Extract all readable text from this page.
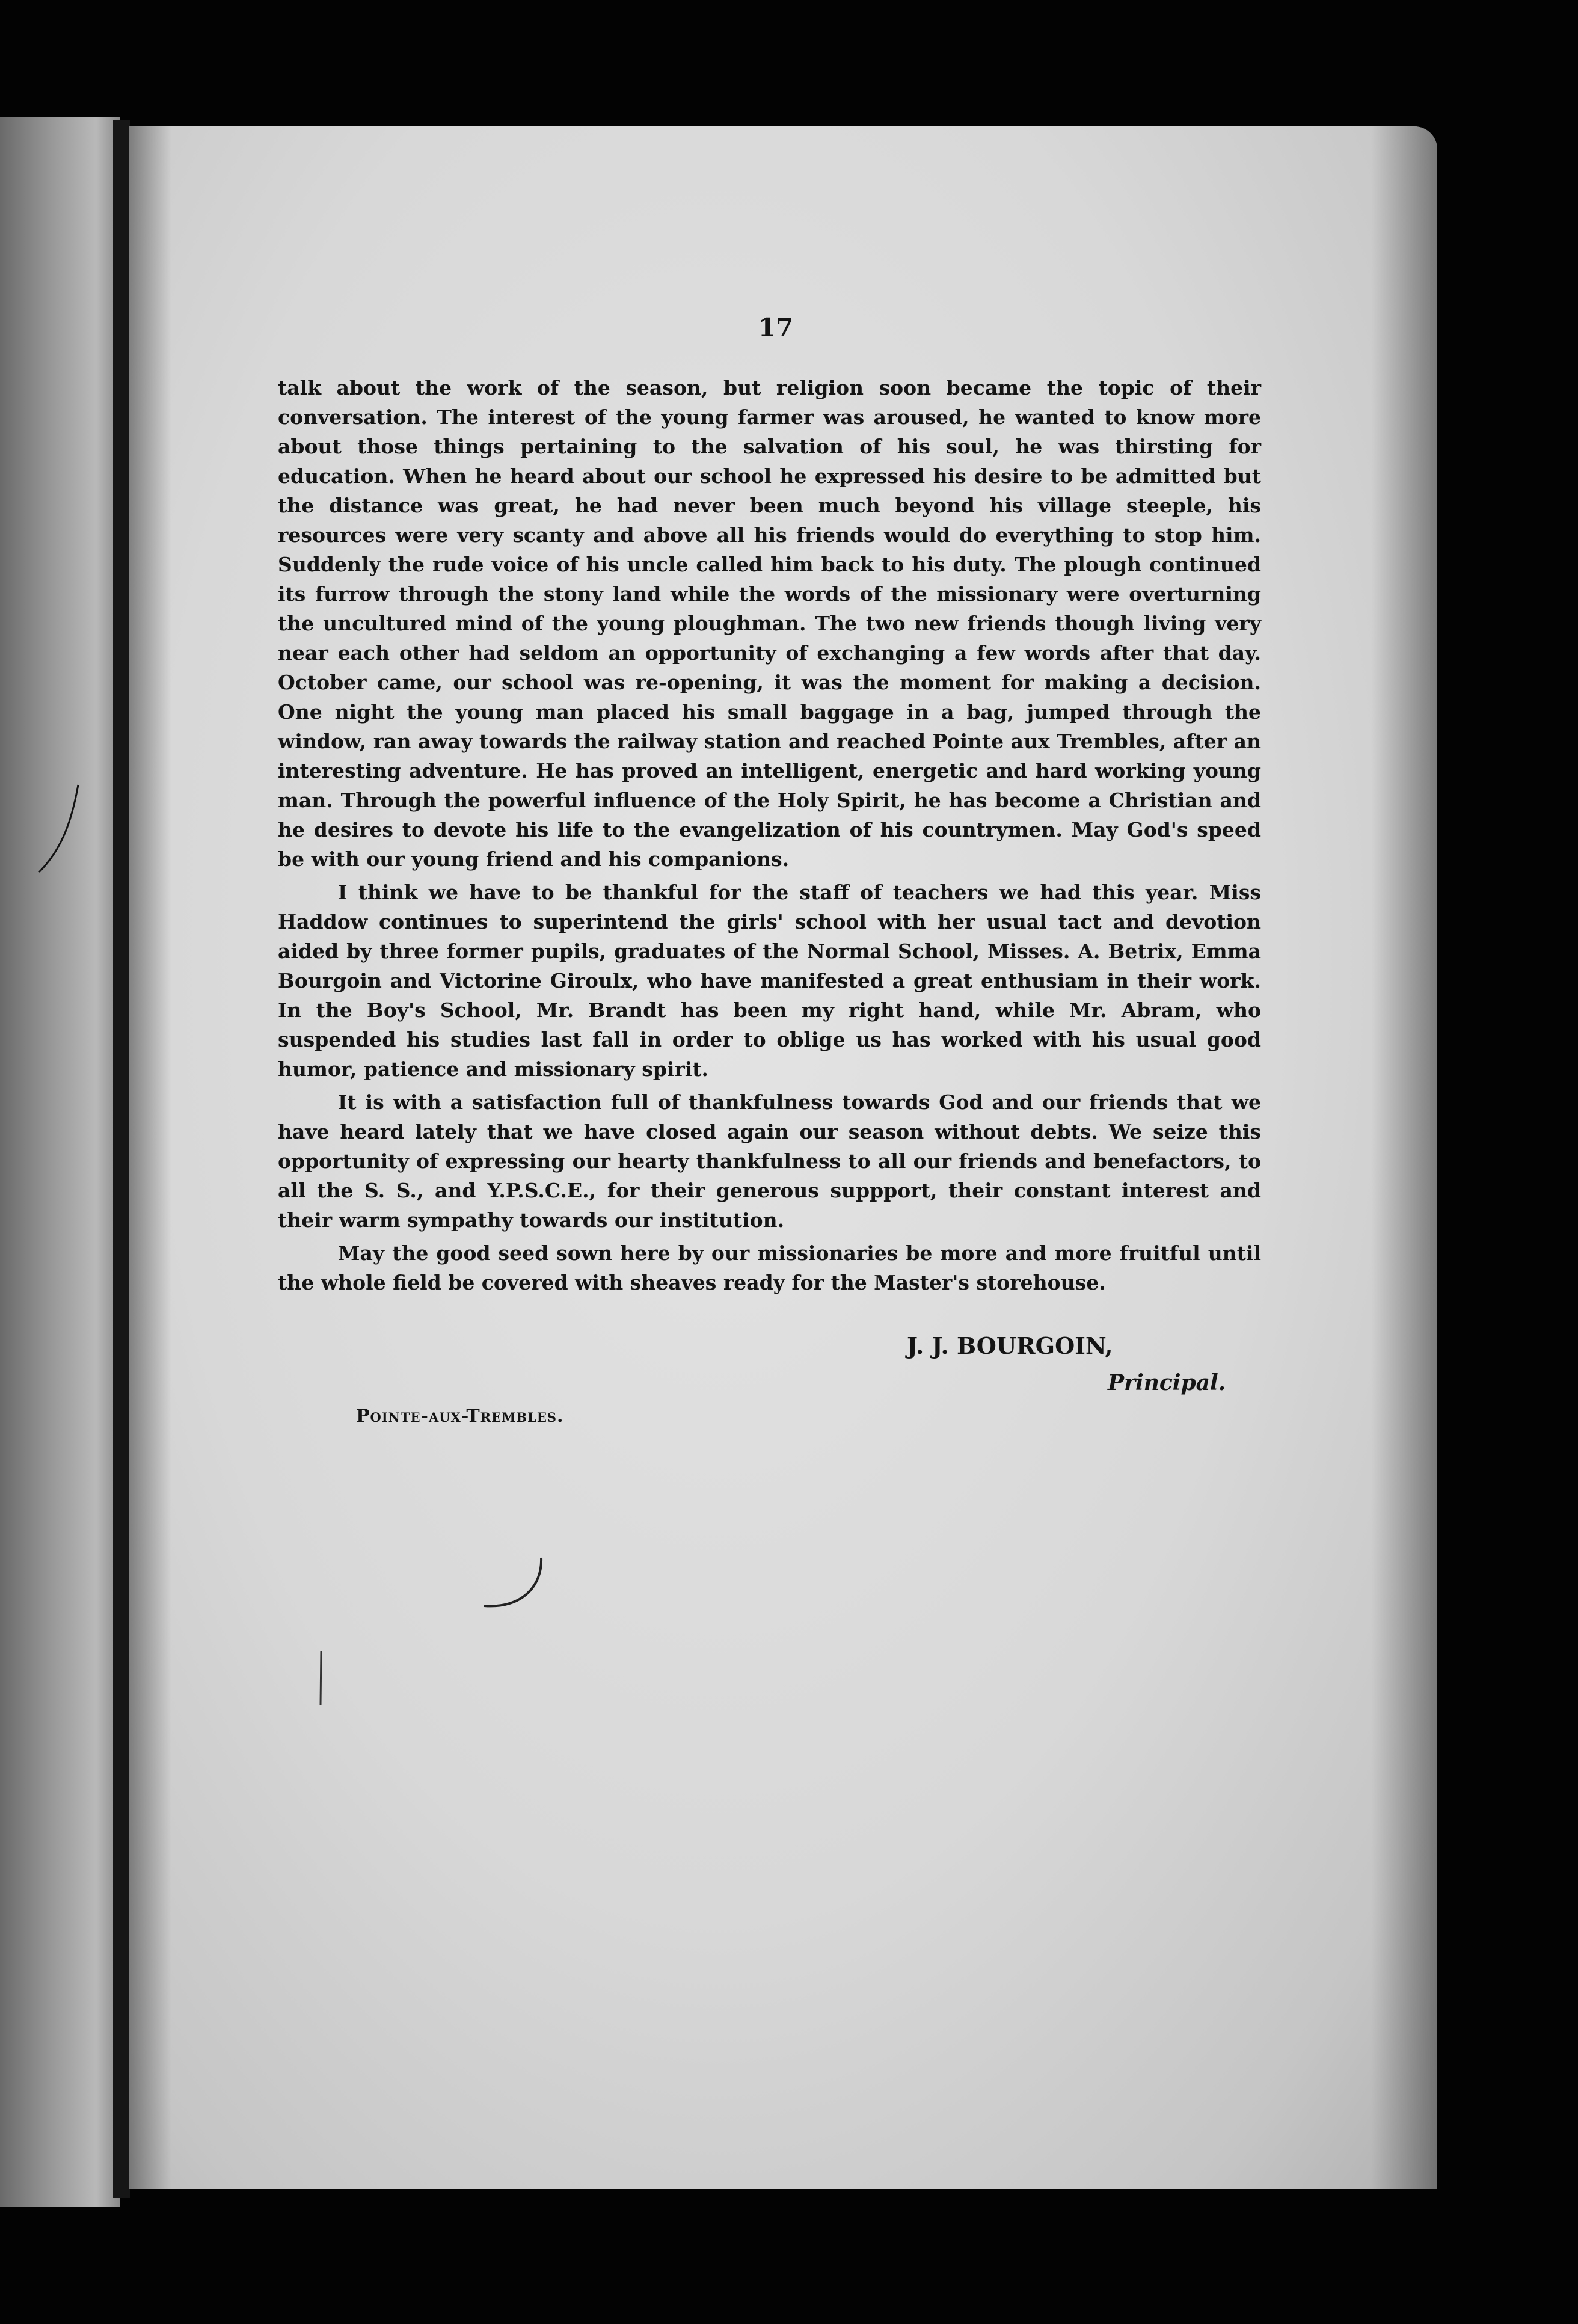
17

talk about the work of the season, but religion soon became the topic of their conversation. The interest of the young farmer was aroused, he wanted to know more about those things pertaining to the salvation of his soul, he was thirsting for education. When he heard about our school he expressed his desire to be admitted but the distance was great, he had never been much beyond his village steeple, his resources were very scanty and above all his friends would do everything to stop him. Suddenly the rude voice of his uncle called him back to his duty. The plough continued its furrow through the stony land while the words of the missionary were overturning the uncultured mind of the young ploughman. The two new friends though living very near each other had seldom an opportunity of exchanging a few words after that day. October came, our school was re-opening, it was the moment for making a decision. One night the young man placed his small baggage in a bag, jumped through the window, ran away towards the railway station and reached Pointe aux Trembles, after an interesting adventure. He has proved an intelligent, energetic and hard working young man. Through the powerful influence of the Holy Spirit, he has become a Christian and he desires to devote his life to the evangelization of his countrymen. May God's speed be with our young friend and his companions.

I think we have to be thankful for the staff of teachers we had this year. Miss Haddow continues to superintend the girls' school with her usual tact and devotion aided by three former pupils, graduates of the Normal School, Misses. A. Betrix, Emma Bourgoin and Victorine Giroulx, who have manifested a great enthusiam in their work. In the Boy's School, Mr. Brandt has been my right hand, while Mr. Abram, who suspended his studies last fall in order to oblige us has worked with his usual good humor, patience and missionary spirit.

It is with a satisfaction full of thankfulness towards God and our friends that we have heard lately that we have closed again our season without debts. We seize this opportunity of expressing our hearty thankfulness to all our friends and benefactors, to all the S. S., and Y.P.S.C.E., for their generous suppport, their constant interest and their warm sympathy towards our institution.

May the good seed sown here by our missionaries be more and more fruitful until the whole field be covered with sheaves ready for the Master's storehouse.

J. J. BOURGOIN,
Principal.
Pointe-aux-Trembles.
